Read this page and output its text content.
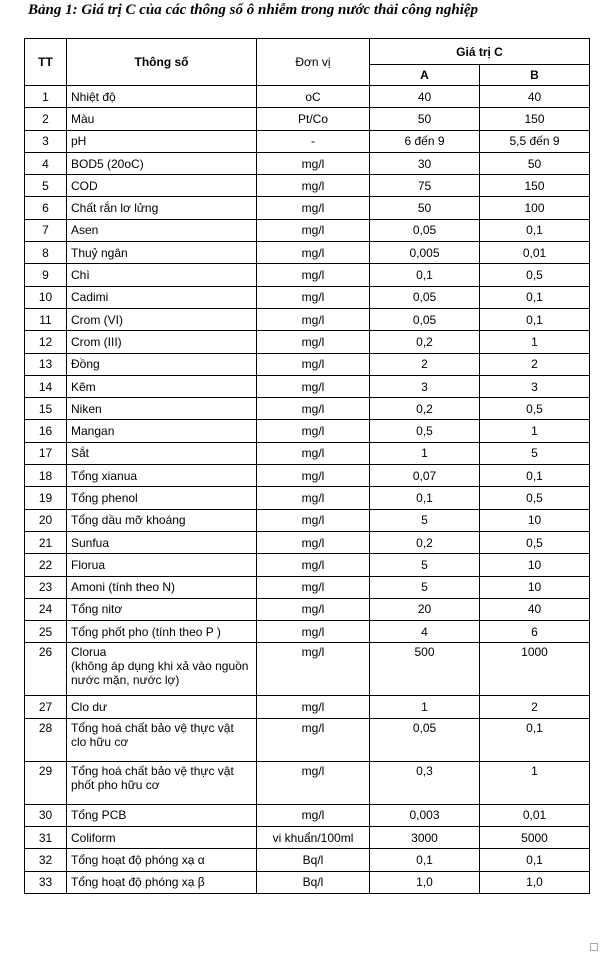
Bảng 1: Giá trị C của các thông số ô nhiễm trong nước thải công nghiệp
TT	Thông số	Đơn vị	Giá trị C	
			A	B
1	Nhiệt độ	oC	40	40
2	Màu	Pt/Co	50	150
3	pH	-	6 đến 9	5,5 đến 9
4	BOD5 (20oC)	mg/l	30	50
5	COD	mg/l	75	150
6	Chất rắn lơ lửng	mg/l	50	100
7	Asen	mg/l	0,05	0,1
8	Thuỷ ngân	mg/l	0,005	0,01
9	Chì	mg/l	0,1	0,5
10	Cadimi	mg/l	0,05	0,1
11	Crom (VI)	mg/l	0,05	0,1
12	Crom (III)	mg/l	0,2	1
13	Đồng	mg/l	2	2
14	Kẽm	mg/l	3	3
15	Niken	mg/l	0,2	0,5
16	Mangan	mg/l	0,5	1
17	Sắt	mg/l	1	5
18	Tổng xianua	mg/l	0,07	0,1
19	Tổng phenol	mg/l	0,1	0,5
20	Tổng dầu mỡ khoáng	mg/l	5	10
21	Sunfua	mg/l	0,2	0,5
22	Florua	mg/l	5	10
23	Amoni (tính theo N)	mg/l	5	10
24	Tổng nitơ	mg/l	20	40
25	Tổng phốt pho (tính theo P )	mg/l	4	6
26	Clorua
(không áp dụng khi xả vào nguồn nước mặn, nước lợ)	mg/l	500	1000
27	Clo dư	mg/l	1	2
28	Tổng hoá chất bảo vệ thực vật clo hữu cơ	mg/l	0,05	0,1
29	Tổng hoá chất bảo vệ thực vật phốt pho hữu cơ	mg/l	0,3	1
30	Tổng PCB	mg/l	0,003	0,01
31	Coliform	vi khuẩn/100ml	3000	5000
32	Tổng hoạt độ phóng xạ α	Bq/l	0,1	0,1
33	Tổng hoạt độ phóng xạ β	Bq/l	1,0	1,0
